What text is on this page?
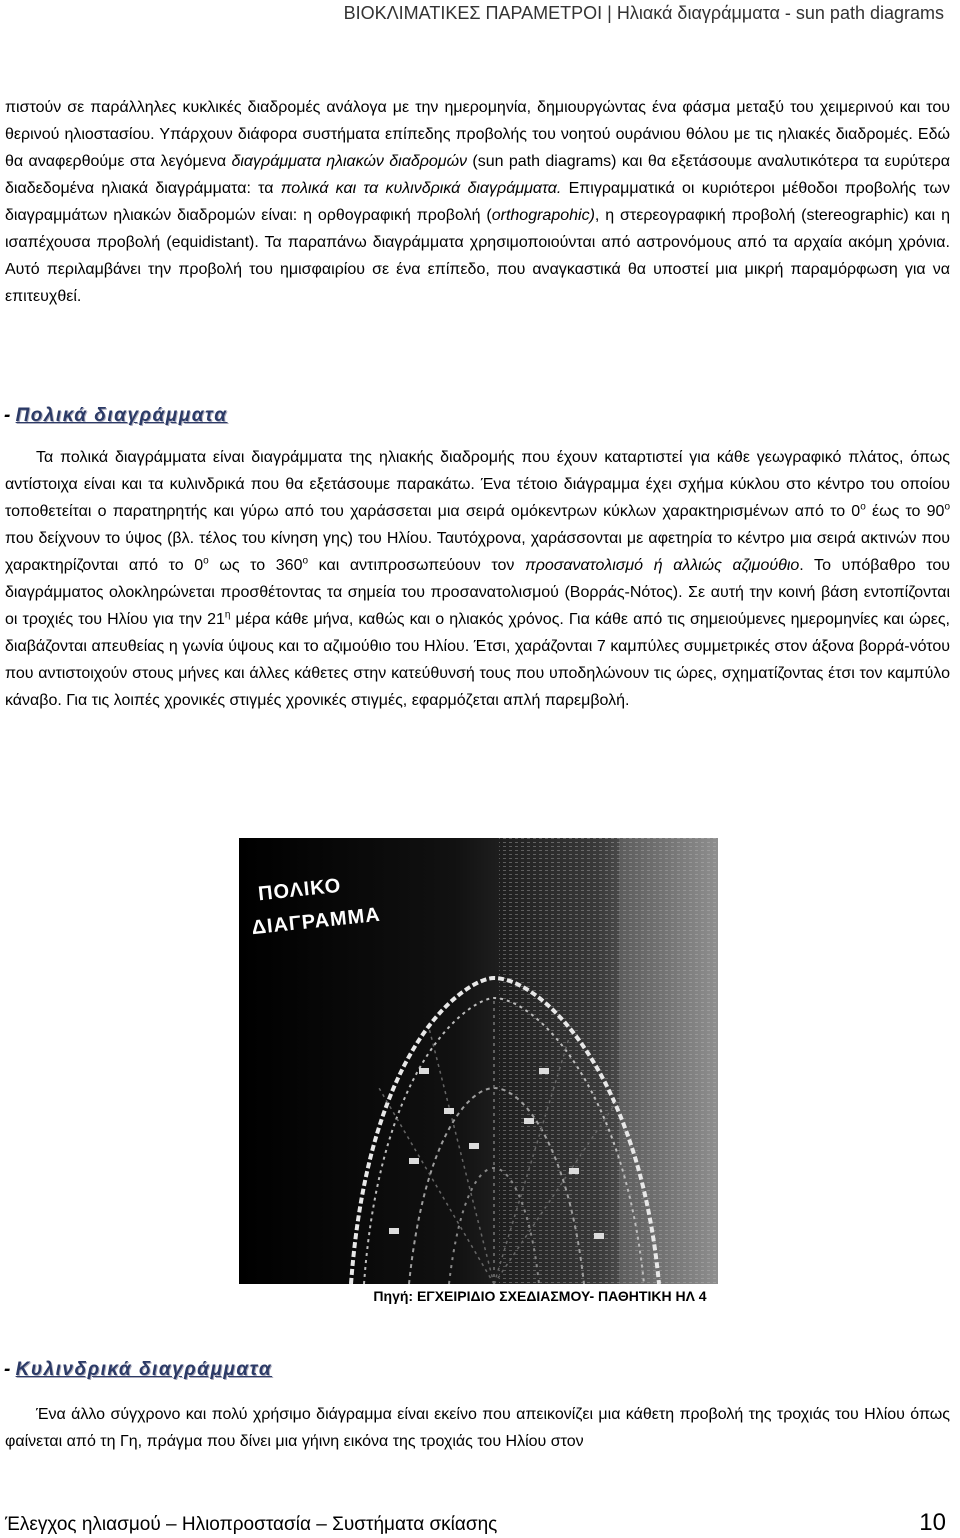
ΒΙΟΚΛΙΜΑΤΙΚΕΣ ΠΑΡΑΜΕΤΡΟΙ | Ηλιακά διαγράμματα - sun path diagrams

πιστούν σε παράλληλες κυκλικές διαδρομές ανάλογα με την ημερομηνία, δημιουργώντας ένα φάσμα μεταξύ του χειμερινού και του θερινού ηλιοστασίου. Υπάρχουν διάφορα συστήματα επίπεδης προβολής του νοητού ουράνιου θόλου με τις ηλιακές διαδρομές. Εδώ θα αναφερθούμε στα λεγόμενα διαγράμματα ηλιακών διαδρομών (sun path diagrams) και θα εξετάσουμε αναλυτικότερα τα ευρύτερα διαδεδομένα ηλιακά διαγράμματα: τα πολικά και τα κυλινδρικά διαγράμματα. Επιγραμματικά οι κυριότεροι μέθοδοι προβολής των διαγραμμάτων ηλιακών διαδρομών είναι: η ορθογραφική προβολή (orthograpohic), η στερεογραφική προβολή (stereographic) και η ισαπέχουσα προβολή (equidistant). Τα παραπάνω διαγράμματα χρησιμοποιούνται από αστρονόμους από τα αρχαία ακόμη χρόνια. Αυτό περιλαμβάνει την προβολή του ημισφαιρίου σε ένα επίπεδο, που αναγκαστικά θα υποστεί μια μικρή παραμόρφωση για να επιτευχθεί.

- Πολικά διαγράμματα

Τα πολικά διαγράμματα είναι διαγράμματα της ηλιακής διαδρομής που έχουν καταρτιστεί για κάθε γεωγραφικό πλάτος, όπως αντίστοιχα είναι και τα κυλινδρικά που θα εξετάσουμε παρακάτω. Ένα τέτοιο διάγραμμα έχει σχήμα κύκλου στο κέντρο του οποίου τοποθετείται ο παρατηρητής και γύρω από του χαράσσεται μια σειρά ομόκεντρων κύκλων χαρακτηρισμένων από το $0^o$ έως το $90^o$ που δείχνουν το ύψος (βλ. τέλος του κίνηση γης) του Ηλίου. Ταυτόχρονα, χαράσσονται με αφετηρία το κέντρο μια σειρά ακτινών που χαρακτηρίζονται από το $0^o$ ως το $360^o$ και αντιπροσωπεύουν τον προσανατολισμό ή αλλιώς αζιμούθιο. Το υπόβαθρο του διαγράμματος ολοκληρώνεται προσθέτοντας τα σημεία του προσανατολισμού (Βορράς-Νότος). Σε αυτή την κοινή βάση εντοπίζονται οι τροχιές του Ηλίου για την $21^\eta$ μέρα κάθε μήνα, καθώς και ο ηλιακός χρόνος. Για κάθε από τις σημειούμενες ημερομηνίες και ώρες, διαβάζονται απευθείας η γωνία ύψους και το αζιμούθιο του Ηλίου. Έτσι, χαράζονται 7 καμπύλες συμμετρικές στον άξονα βορρά-νότου που αντιστοιχούν στους μήνες και άλλες κάθετες στην κατεύθυνσή τους που υποδηλώνουν τις ώρες, σχηματίζοντας έτσι τον καμπύλο κάναβο. Για τις λοιπές χρονικές στιγμές χρονικές στιγμές, εφαρμόζεται απλή παρεμβολή.

ΠΟΛΙΚΟ
ΔΙΑΓΡΑΜΜΑ
Πηγή: ΕΓΧΕΙΡΙΔΙΟ ΣΧΕΔΙΑΣΜΟΥ- ΠΑΘΗΤΙΚΗ ΗΛ 4
- Κυλινδρικά διαγράμματα

Ένα άλλο σύγχρονο και πολύ χρήσιμο διάγραμμα είναι εκείνο που απεικονίζει μια κάθετη προβολή της τροχιάς του Ηλίου όπως φαίνεται από τη Γη, πράγμα που δίνει μια γήινη εικόνα της τροχιάς του Ηλίου στον

Έλεγχος ηλιασμού – Ηλιοπροστασία – Συστήματα σκίασης	10
